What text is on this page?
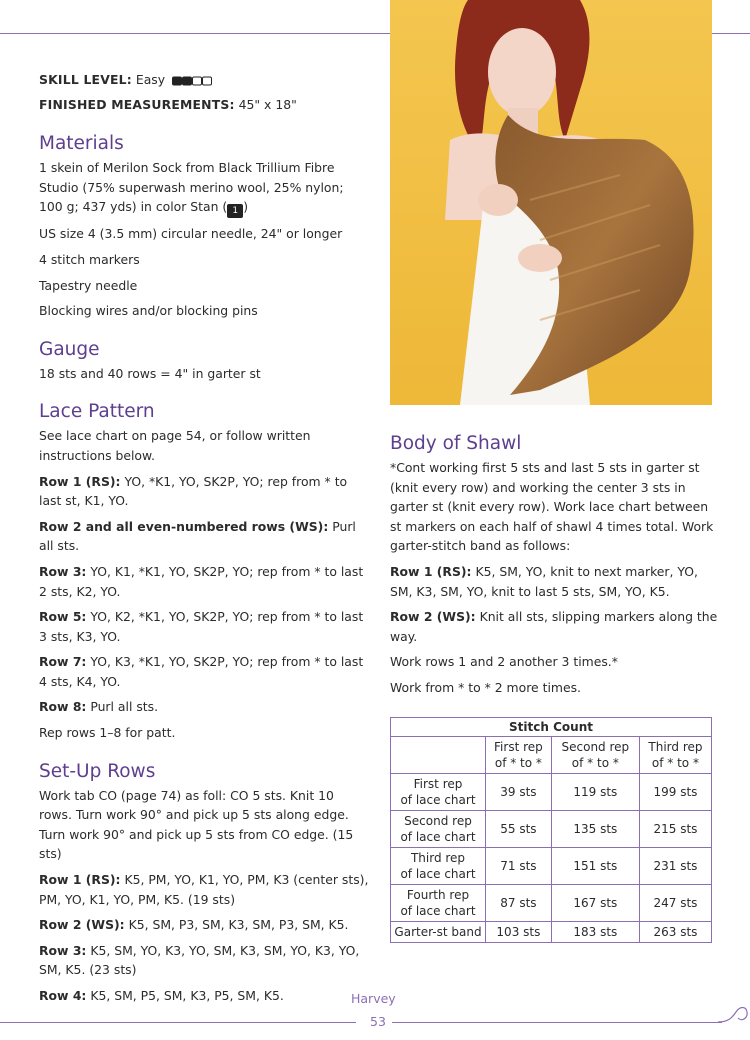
SKILL LEVEL: Easy

FINISHED MEASUREMENTS: 45" x 18"

Materials

1 skein of Merilon Sock from Black Trillium Fibre Studio (75% superwash merino wool, 25% nylon; 100 g; 437 yds) in color Stan ( 1 )

US size 4 (3.5 mm) circular needle, 24" or longer

4 stitch markers

Tapestry needle

Blocking wires and/or blocking pins

Gauge

18 sts and 40 rows = 4" in garter st

Lace Pattern

See lace chart on page 54, or follow written instructions below.

Row 1 (RS): YO, *K1, YO, SK2P, YO; rep from * to last st, K1, YO.

Row 2 and all even-numbered rows (WS): Purl all sts.

Row 3: YO, K1, *K1, YO, SK2P, YO; rep from * to last 2 sts, K2, YO.

Row 5: YO, K2, *K1, YO, SK2P, YO; rep from * to last 3 sts, K3, YO.

Row 7: YO, K3, *K1, YO, SK2P, YO; rep from * to last 4 sts, K4, YO.

Row 8: Purl all sts.

Rep rows 1–8 for patt.

Set-Up Rows

Work tab CO (page 74) as foll: CO 5 sts. Knit 10 rows. Turn work 90° and pick up 5 sts along edge. Turn work 90° and pick up 5 sts from CO edge. (15 sts)

Row 1 (RS): K5, PM, YO, K1, YO, PM, K3 (center sts), PM, YO, K1, YO, PM, K5. (19 sts)

Row 2 (WS): K5, SM, P3, SM, K3, SM, P3, SM, K5.

Row 3: K5, SM, YO, K3, YO, SM, K3, SM, YO, K3, YO, SM, K5. (23 sts)

Row 4: K5, SM, P5, SM, K3, P5, SM, K5.

Body of Shawl

*Cont working first 5 sts and last 5 sts in garter st (knit every row) and working the center 3 sts in garter st (knit every row). Work lace chart between st markers on each half of shawl 4 times total. Work garter-stitch band as follows:

Row 1 (RS): K5, SM, YO, knit to next marker, YO, SM, K3, SM, YO, knit to last 5 sts, SM, YO, K5.

Row 2 (WS): Knit all sts, slipping markers along the way.

Work rows 1 and 2 another 3 times.*

Work from * to * 2 more times.

Stitch Count			
	First rep
of * to *	Second rep
of * to *	Third rep
of * to *
First rep
of lace chart	39 sts	119 sts	199 sts
Second rep
of lace chart	55 sts	135 sts	215 sts
Third rep
of lace chart	71 sts	151 sts	231 sts
Fourth rep
of lace chart	87 sts	167 sts	247 sts
Garter-st band	103 sts	183 sts	263 sts
Harvey
53
